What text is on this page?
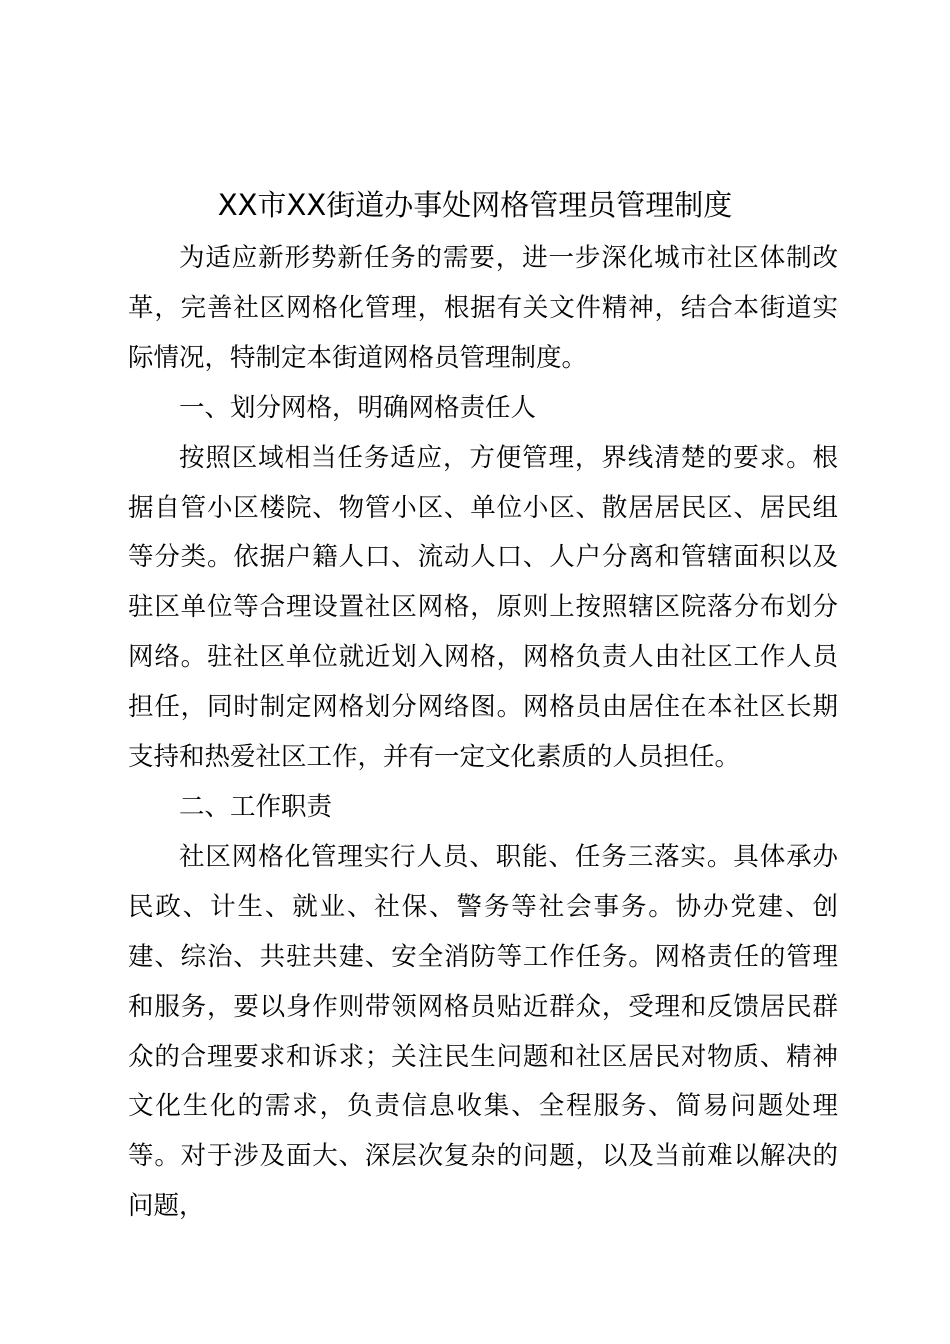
XX市XX街道办事处网格管理员管理制度

为适应新形势新任务的需要，进一步深化城市社区体制改革，完善社区网格化管理，根据有关文件精神，结合本街道实际情况，特制定本街道网格员管理制度。

一、划分网格，明确网格责任人

按照区域相当任务适应，方便管理，界线清楚的要求。根据自管小区楼院、物管小区、单位小区、散居居民区、居民组等分类。依据户籍人口、流动人口、人户分离和管辖面积以及驻区单位等合理设置社区网格，原则上按照辖区院落分布划分网络。驻社区单位就近划入网格，网格负责人由社区工作人员担任，同时制定网格划分网络图。网格员由居住在本社区长期支持和热爱社区工作，并有一定文化素质的人员担任。

二、工作职责

社区网格化管理实行人员、职能、任务三落实。具体承办民政、计生、就业、社保、警务等社会事务。协办党建、创建、综治、共驻共建、安全消防等工作任务。网格责任的管理和服务，要以身作则带领网格员贴近群众，受理和反馈居民群众的合理要求和诉求；关注民生问题和社区居民对物质、精神文化生化的需求，负责信息收集、全程服务、简易问题处理等。对于涉及面大、深层次复杂的问题，以及当前难以解决的问题，
